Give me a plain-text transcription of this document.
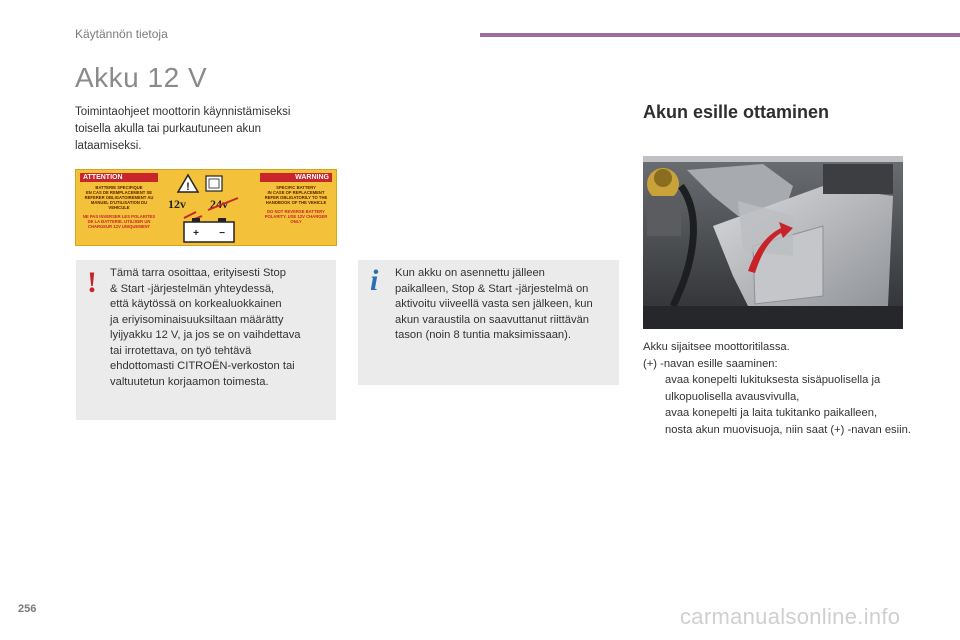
Käytännön tietoja
Akku 12 V

Toimintaohjeet moottorin käynnistämiseksi toisella akulla tai purkautuneen akun lataamiseksi.

ATTENTION	WARNING
BATTERIE SPECIFIQUE
EN CAS DE REMPLACEMENT SE REFERER OBLIGATOIREMENT AU MANUEL D'UTILISATION DU VEHICULE
NE PAS INVERSER LES POLARITES DE LA BATTERIE. UTILISER UN CHARGEUR 12V UNIQUEMENT
SPECIFIC BATTERY
IN CASE OF REPLACEMENT REFER OBLIGATORILY TO THE HANDBOOK OF THE VEHICLE
DO NOT REVERSE BATTERY POLARITY. USE 12V CHARGER ONLY
!
12v 24v
+ −
! Tämä tarra osoittaa, erityisesti Stop
& Start -järjestelmän yhteydessä,
että käytössä on korkealuokkainen
ja eriyisominaisuuksiltaan määrätty
lyijyakku 12 V, ja jos se on vaihdettava
tai irrotettava, on työ tehtävä
ehdottomasti CITROËN-verkoston tai
valtuutetun korjaamon toimesta.
i Kun akku on asennettu jälleen
paikalleen, Stop & Start -järjestelmä on
aktivoitu viiveellä vasta sen jälkeen, kun
akun varaustila on saavuttanut riittävän
tason (noin 8 tuntia maksimissaan).
Akun esille ottaminen
Akku sijaitsee moottoritilassa.
(+) -navan esille saaminen:
avaa konepelti lukituksesta sisäpuolisella ja ulkopuolisella avausvivulla,
avaa konepelti ja laita tukitanko paikalleen,
nosta akun muovisuoja, niin saat (+) -navan esiin.
256	carmanualsonline.info
